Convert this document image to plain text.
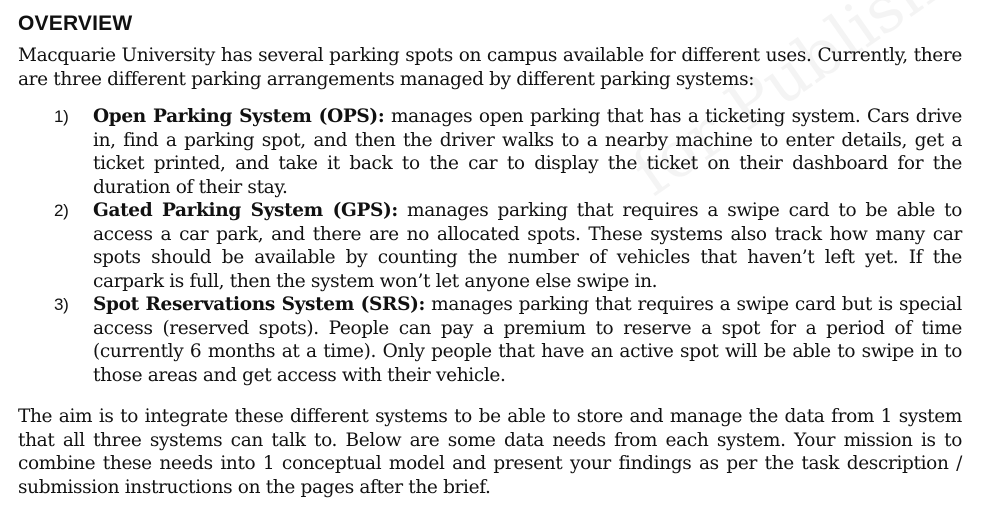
OVERVIEW

Macquarie University has several parking spots on campus available for different uses. Currently, there are three different parking arrangements managed by different parking systems:

1) Open Parking System (OPS): manages open parking that has a ticketing system. Cars drive in, find a parking spot, and then the driver walks to a nearby machine to enter details, get a ticket printed, and take it back to the car to display the ticket on their dashboard for the duration of their stay.
2) Gated Parking System (GPS): manages parking that requires a swipe card to be able to access a car park, and there are no allocated spots. These systems also track how many car spots should be available by counting the number of vehicles that haven’t left yet. If the carpark is full, then the system won’t let anyone else swipe in.
3) Spot Reservations System (SRS): manages parking that requires a swipe card but is special access (reserved spots). People can pay a premium to reserve a spot for a period of time (currently 6 months at a time). Only people that have an active spot will be able to swipe in to those areas and get access with their vehicle.

The aim is to integrate these different systems to be able to store and manage the data from 1 system that all three systems can talk to. Below are some data needs from each system. Your mission is to combine these needs into 1 conceptual model and present your findings as per the task description / submission instructions on the pages after the brief.
